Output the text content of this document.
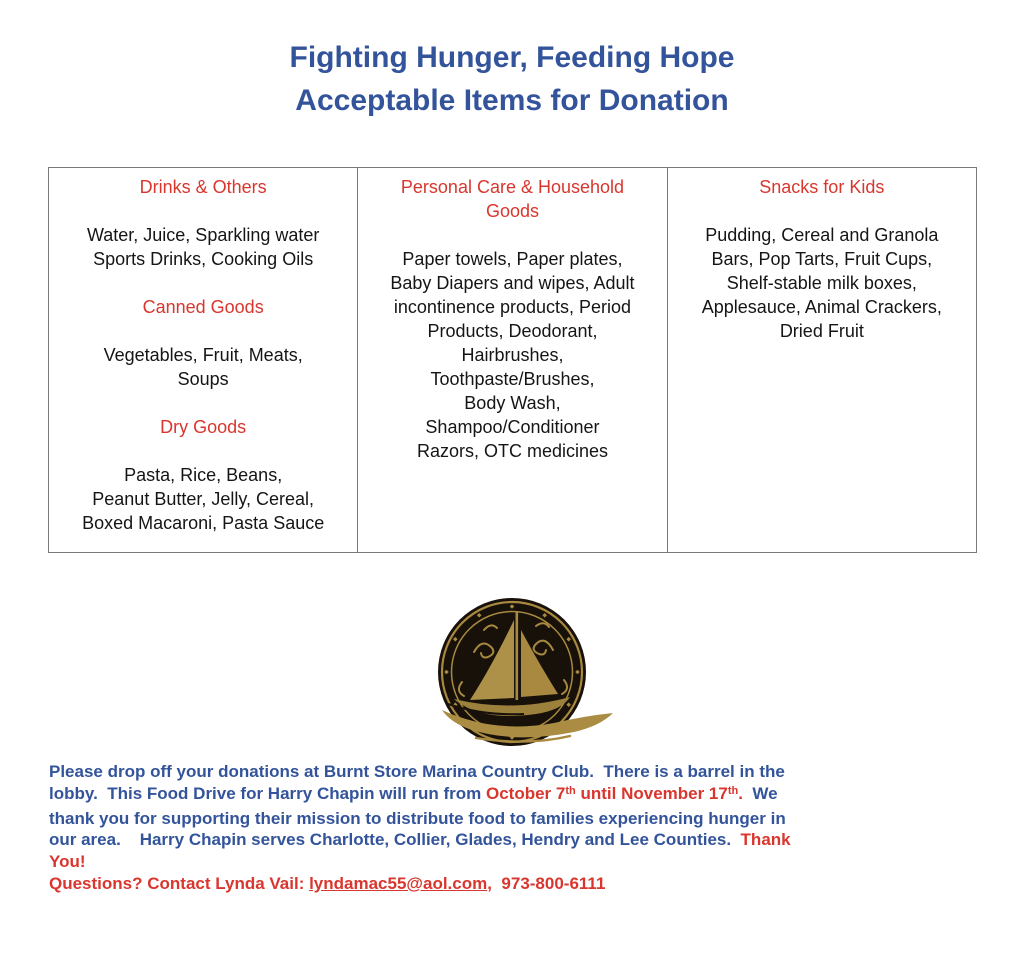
Fighting Hunger, Feeding Hope
Acceptable Items for Donation
Drinks & Others
Water, Juice, Sparkling water
Sports Drinks, Cooking Oils
Canned Goods
Vegetables, Fruit, Meats,
Soups
Dry Goods
Pasta, Rice, Beans,
Peanut Butter, Jelly, Cereal,
Boxed Macaroni, Pasta Sauce
Personal Care & Household Goods
Paper towels, Paper plates,
Baby Diapers and wipes, Adult
incontinence products, Period
Products, Deodorant,
Hairbrushes,
Toothpaste/Brushes,
Body Wash,
Shampoo/Conditioner
Razors, OTC medicines
Snacks for Kids
Pudding, Cereal and Granola
Bars, Pop Tarts, Fruit Cups,
Shelf-stable milk boxes,
Applesauce, Animal Crackers,
Dried Fruit
Please drop off your donations at Burnt Store Marina Country Club.  There is a barrel in the
lobby.  This Food Drive for Harry Chapin will run from October 7th until November 17th.  We
thank you for supporting their mission to distribute food to families experiencing hunger in
our area.    Harry Chapin serves Charlotte, Collier, Glades, Hendry and Lee Counties.  Thank
You!
Questions? Contact Lynda Vail: lyndamac55@aol.com,  973-800-6111
